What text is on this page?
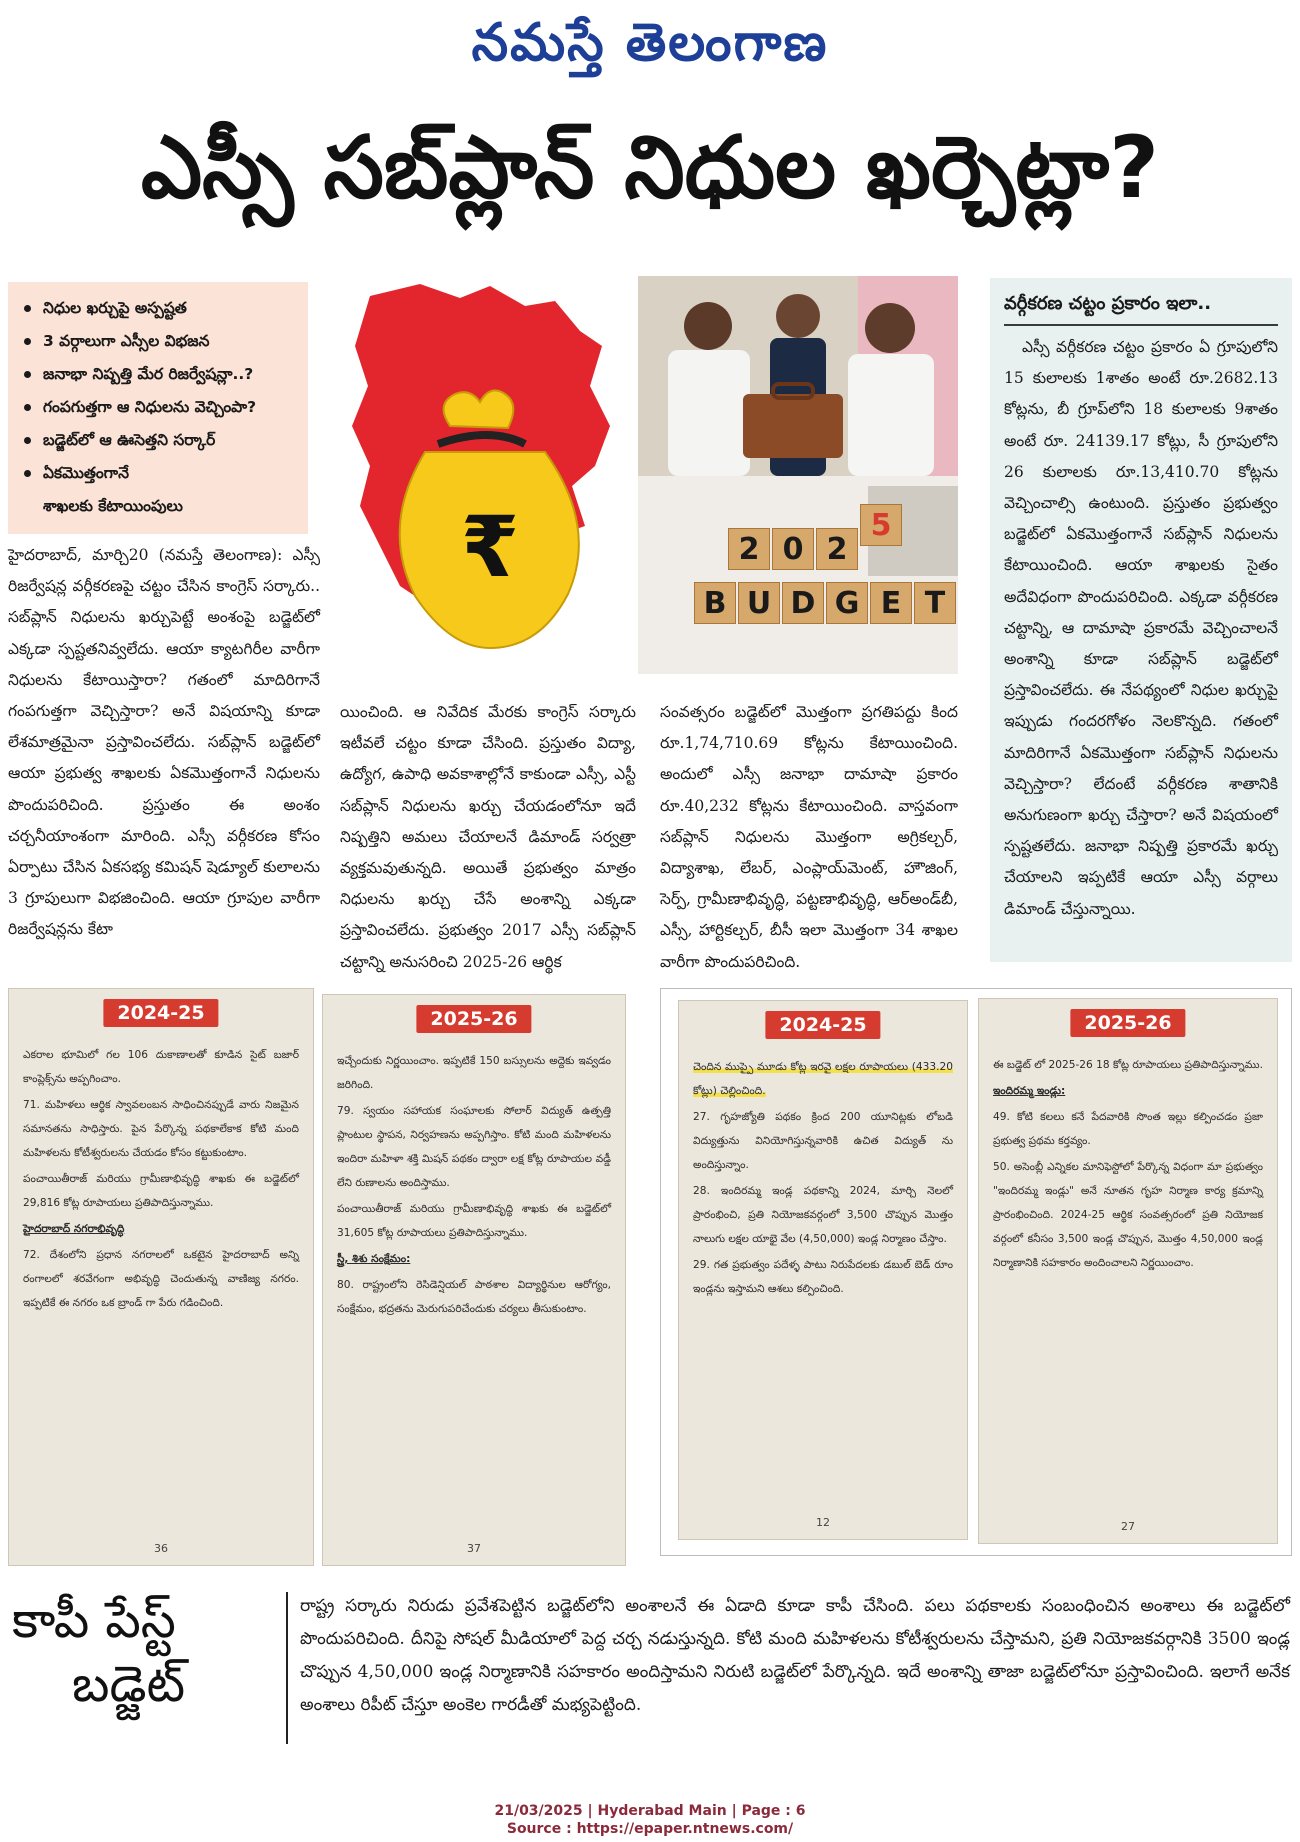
నమస్తే తెలంగాణ
ఎస్సీ సబ్‌ప్లాన్ నిధుల ఖర్చెట్లా?
నిధుల ఖర్చుపై అస్పష్టత
3 వర్గాలుగా ఎస్సీల విభజన
జనాభా నిష్పత్తి మేర రిజర్వేషన్లా..?
గంపగుత్తగా ఆ నిధులను వెచ్చింపా?
బడ్జెట్‌లో ఆ ఊసెత్తని సర్కార్
ఏకమొత్తంగానే
శాఖలకు కేటాయింపులు	₹	2 0 2
5
B U D G E T
హైదరాబాద్, మార్చి20 (నమస్తే తెలంగాణ): ఎస్సీ రిజర్వేషన్ల వర్గీకరణపై చట్టం చేసిన కాంగ్రెస్ సర్కారు.. సబ్‌ప్లాన్ నిధులను ఖర్చుపెట్టే అంశంపై బడ్జెట్‌లో ఎక్కడా స్పష్టతనివ్వలేదు. ఆయా క్యాటగిరీల వారీగా నిధులను కేటాయిస్తారా? గతంలో మాదిరిగానే గంపగుత్తగా వెచ్చిస్తారా? అనే విషయాన్ని కూడా లేశమాత్రమైనా ప్రస్తావించలేదు. సబ్‌ప్లాన్ బడ్జెట్‌లో ఆయా ప్రభుత్వ శాఖలకు ఏకమొత్తంగానే నిధులను పొందుపరిచింది. ప్రస్తుతం ఈ అంశం చర్చనీయాంశంగా మారింది. ఎస్సీ వర్గీకరణ కోసం ఏర్పాటు చేసిన ఏకసభ్య కమిషన్ షెడ్యూల్ కులాలను 3 గ్రూపులుగా విభజించింది. ఆయా గ్రూపుల వారీగా రిజర్వేషన్లను కేటా
యించింది. ఆ నివేదిక మేరకు కాంగ్రెస్ సర్కారు ఇటీవలే చట్టం కూడా చేసింది. ప్రస్తుతం విద్యా, ఉద్యోగ, ఉపాధి అవకాశాల్లోనే కాకుండా ఎస్సీ, ఎస్టీ సబ్‌ప్లాన్ నిధులను ఖర్చు చేయడంలోనూ ఇదే నిష్పత్తిని అమలు చేయాలనే డిమాండ్ సర్వత్రా వ్యక్తమవుతున్నది. అయితే ప్రభుత్వం మాత్రం నిధులను ఖర్చు చేసే అంశాన్ని ఎక్కడా ప్రస్తావించలేదు. ప్రభుత్వం 2017 ఎస్సీ సబ్‌ప్లాన్ చట్టాన్ని అనుసరించి 2025-26 ఆర్థిక
సంవత్సరం బడ్జెట్‌లో మొత్తంగా ప్రగతిపద్దు కింద రూ.1,74,710.69 కోట్లను కేటాయించింది. అందులో ఎస్సీ జనాభా దామాషా ప్రకారం రూ.40,232 కోట్లను కేటాయించింది. వాస్తవంగా సబ్‌ప్లాన్ నిధులను మొత్తంగా అగ్రికల్చర్, విద్యాశాఖ, లేబర్, ఎంప్లాయ్‌మెంట్, హౌజింగ్, సెర్ప్, గ్రామీణాభివృద్ధి, పట్టణాభివృద్ధి, ఆర్‌అండ్‌బీ, ఎస్సీ, హార్టికల్చర్, బీసీ ఇలా మొత్తంగా 34 శాఖల వారీగా పొందుపరిచింది.
వర్గీకరణ చట్టం ప్రకారం ఇలా..

ఎస్సీ వర్గీకరణ చట్టం ప్రకారం ఏ గ్రూపులోని 15 కులాలకు 1శాతం అంటే రూ.2682.13 కోట్లను, బీ గ్రూప్‌లోని 18 కులాలకు 9శాతం అంటే రూ. 24139.17 కోట్లు, సీ గ్రూపులోని 26 కులాలకు రూ.13,410.70 కోట్లను వెచ్చించాల్సి ఉంటుంది. ప్రస్తుతం ప్రభుత్వం బడ్జెట్‌లో ఏకమొత్తంగానే సబ్‌ప్లాన్ నిధులను కేటాయించింది. ఆయా శాఖలకు సైతం అదేవిధంగా పొందుపరిచింది. ఎక్కడా వర్గీకరణ చట్టాన్ని, ఆ దామాషా ప్రకారమే వెచ్చించాలనే అంశాన్ని కూడా సబ్‌ప్లాన్ బడ్జెట్‌లో ప్రస్తావించలేదు. ఈ నేపథ్యంలో నిధుల ఖర్చుపై ఇప్పుడు గందరగోళం నెలకొన్నది. గతంలో మాదిరిగానే ఏకమొత్తంగా సబ్‌ప్లాన్ నిధులను వెచ్చిస్తారా? లేదంటే వర్గీకరణ శాతానికి అనుగుణంగా ఖర్చు చేస్తారా? అనే విషయంలో స్పష్టతలేదు. జనాభా నిష్పత్తి ప్రకారమే ఖర్చు చేయాలని ఇప్పటికే ఆయా ఎస్సీ వర్గాలు డిమాండ్ చేస్తున్నాయి.

2024-25

ఎకరాల భూమిలో గల 106 దుకాణాలతో కూడిన సైట్ బజార్ కాంప్లెక్స్‌ను అప్పగించాం.

71. మహిళలు ఆర్థిక స్వావలంబన సాధించినప్పుడే వారు నిజమైన సమానతను సాధిస్తారు. పైన పేర్కొన్న పథకాలేకాక కోటి మంది మహిళలను కోటీశ్వరులను చేయడం కోసం కట్టుకుంటాం.

పంచాయితీరాజ్ మరియు గ్రామీణాభివృద్ధి శాఖకు ఈ బడ్జెట్‌లో 29,816 కోట్ల రూపాయలు ప్రతిపాదిస్తున్నాము.

హైదరాబాద్ నగరాభివృద్ధి

72. దేశంలోని ప్రధాన నగరాలలో ఒకటైన హైదరాబాద్ అన్ని రంగాలలో శరవేగంగా అభివృద్ధి చెందుతున్న వాణిజ్య నగరం. ఇప్పటికే ఈ నగరం ఒక బ్రాండ్ గా పేరు గడించింది.

36
2025-26

ఇచ్చేందుకు నిర్ణయించాం. ఇప్పటికే 150 బస్సులను అద్దెకు ఇవ్వడం జరిగింది.

79. స్వయం సహాయక సంఘాలకు సోలార్ విద్యుత్ ఉత్పత్తి ప్లాంటుల స్థాపన, నిర్వహణను అప్పగిస్తాం. కోటి మంది మహిళలను ఇందిరా మహిళా శక్తి మిషన్ పథకం ద్వారా లక్ష కోట్ల రూపాయల వడ్డీ లేని రుణాలను అందిస్తాము.

పంచాయితీరాజ్ మరియు గ్రామీణాభివృద్ధి శాఖకు ఈ బడ్జెట్‌లో 31,605 కోట్ల రూపాయలు ప్రతిపాదిస్తున్నాము.

స్త్రీ, శిశు సంక్షేమం:

80. రాష్ట్రంలోని రెసిడెన్షియల్ పాఠశాల విద్యార్థినుల ఆరోగ్యం, సంక్షేమం, భద్రతను మెరుగుపరిచేందుకు చర్యలు తీసుకుంటాం.

37
2024-25

చెందిన ముప్పై మూడు కోట్ల ఇరవై లక్షల రూపాయలు (433.20 కోట్లు) చెల్లించింది.

27. గృహజ్యోతి పథకం క్రింద 200 యూనిట్లకు లోబడి విద్యుత్తును వినియోగిస్తున్నవారికి ఉచిత విద్యుత్ ను అందిస్తున్నాం.

28. ఇందిరమ్మ ఇండ్ల పథకాన్ని 2024, మార్చి నెలలో ప్రారంభించి, ప్రతి నియోజకవర్గంలో 3,500 చొప్పున మొత్తం నాలుగు లక్షల యాభై వేల (4,50,000) ఇండ్ల నిర్మాణం చేస్తాం.

29. గత ప్రభుత్వం పదేళ్ళ పాటు నిరుపేదలకు డబుల్ బెడ్ రూం ఇండ్లను ఇస్తామని ఆశలు కల్పించింది.

12
2025-26

ఈ బడ్జెట్ లో 2025-26 18 కోట్ల రూపాయలు ప్రతిపాదిస్తున్నాము.

ఇందిరమ్మ ఇండ్లు:

49. కోటి కలలు కనే పేదవారికి సొంత ఇల్లు కల్పించడం ప్రజా ప్రభుత్వ ప్రథమ కర్తవ్యం.

50. అసెంబ్లీ ఎన్నికల మానిఫెస్టోలో పేర్కొన్న విధంగా మా ప్రభుత్వం "ఇందిరమ్మ ఇండ్లు" అనే నూతన గృహ నిర్మాణ కార్య క్రమాన్ని ప్రారంభించింది. 2024-25 ఆర్థిక సంవత్సరంలో ప్రతి నియోజక వర్గంలో కనీసం 3,500 ఇండ్ల చొప్పున, మొత్తం 4,50,000 ఇండ్ల నిర్మాణానికి సహకారం అందించాలని నిర్ణయించాం.

27
కాపీ పేస్ట్
బడ్జెట్
రాష్ట్ర సర్కారు నిరుడు ప్రవేశపెట్టిన బడ్జెట్‌లోని అంశాలనే ఈ ఏడాది కూడా కాపీ చేసింది. పలు పథకాలకు సంబంధించిన అంశాలు ఈ బడ్జెట్‌లో పొందుపరిచింది. దీనిపై సోషల్ మీడియాలో పెద్ద చర్చ నడుస్తున్నది. కోటి మంది మహిళలను కోటీశ్వరులను చేస్తామని, ప్రతి నియోజకవర్గానికి 3500 ఇండ్ల చొప్పున 4,50,000 ఇండ్ల నిర్మాణానికి సహకారం అందిస్తామని నిరుటి బడ్జెట్‌లో పేర్కొన్నది. ఇదే అంశాన్ని తాజా బడ్జెట్‌లోనూ ప్రస్తావించింది. ఇలాగే అనేక అంశాలు రిపీట్ చేస్తూ అంకెల గారడీతో మభ్యపెట్టింది.
21/03/2025 | Hyderabad Main | Page : 6
Source : https://epaper.ntnews.com/
